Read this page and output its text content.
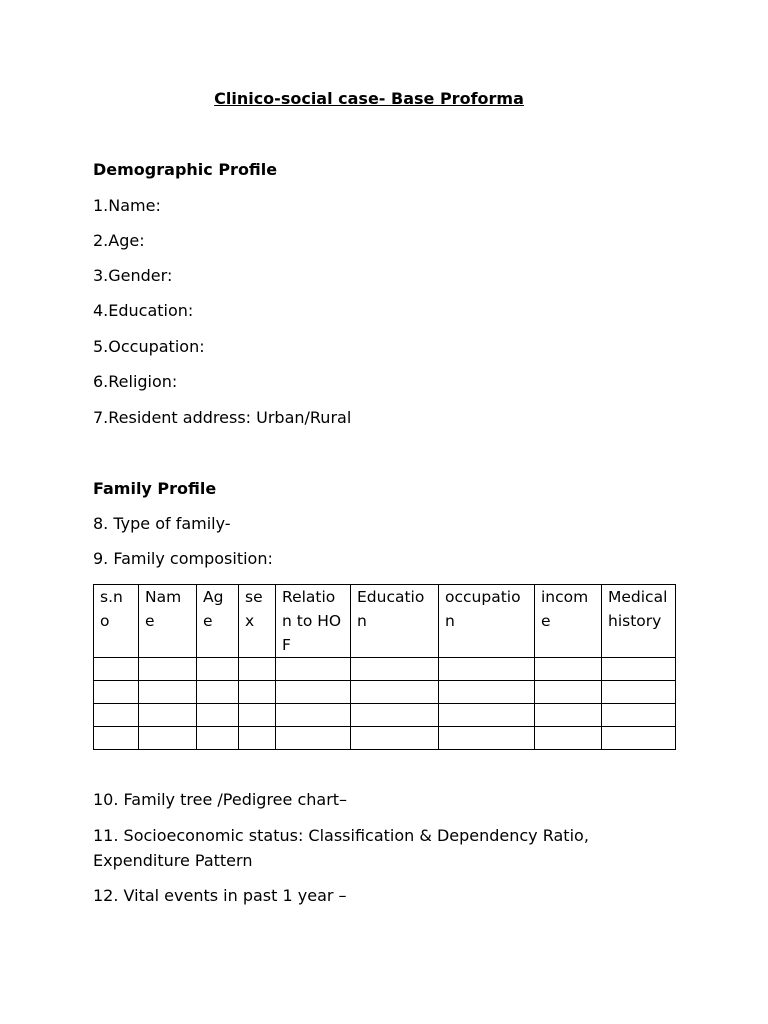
Clinico-social case- Base Proforma
Demographic Profile
1.Name:
2.Age:
3.Gender:
4.Education:
5.Occupation:
6.Religion:
7.Resident address: Urban/Rural
Family Profile
8. Type of family-
9. Family composition:
s.no	Name	Age	sex	Relation to HOF	Education	occupation	income	Medical history

10. Family tree /Pedigree chart–
11. Socioeconomic status: Classification & Dependency Ratio, Expenditure Pattern
12. Vital events in past 1 year –
